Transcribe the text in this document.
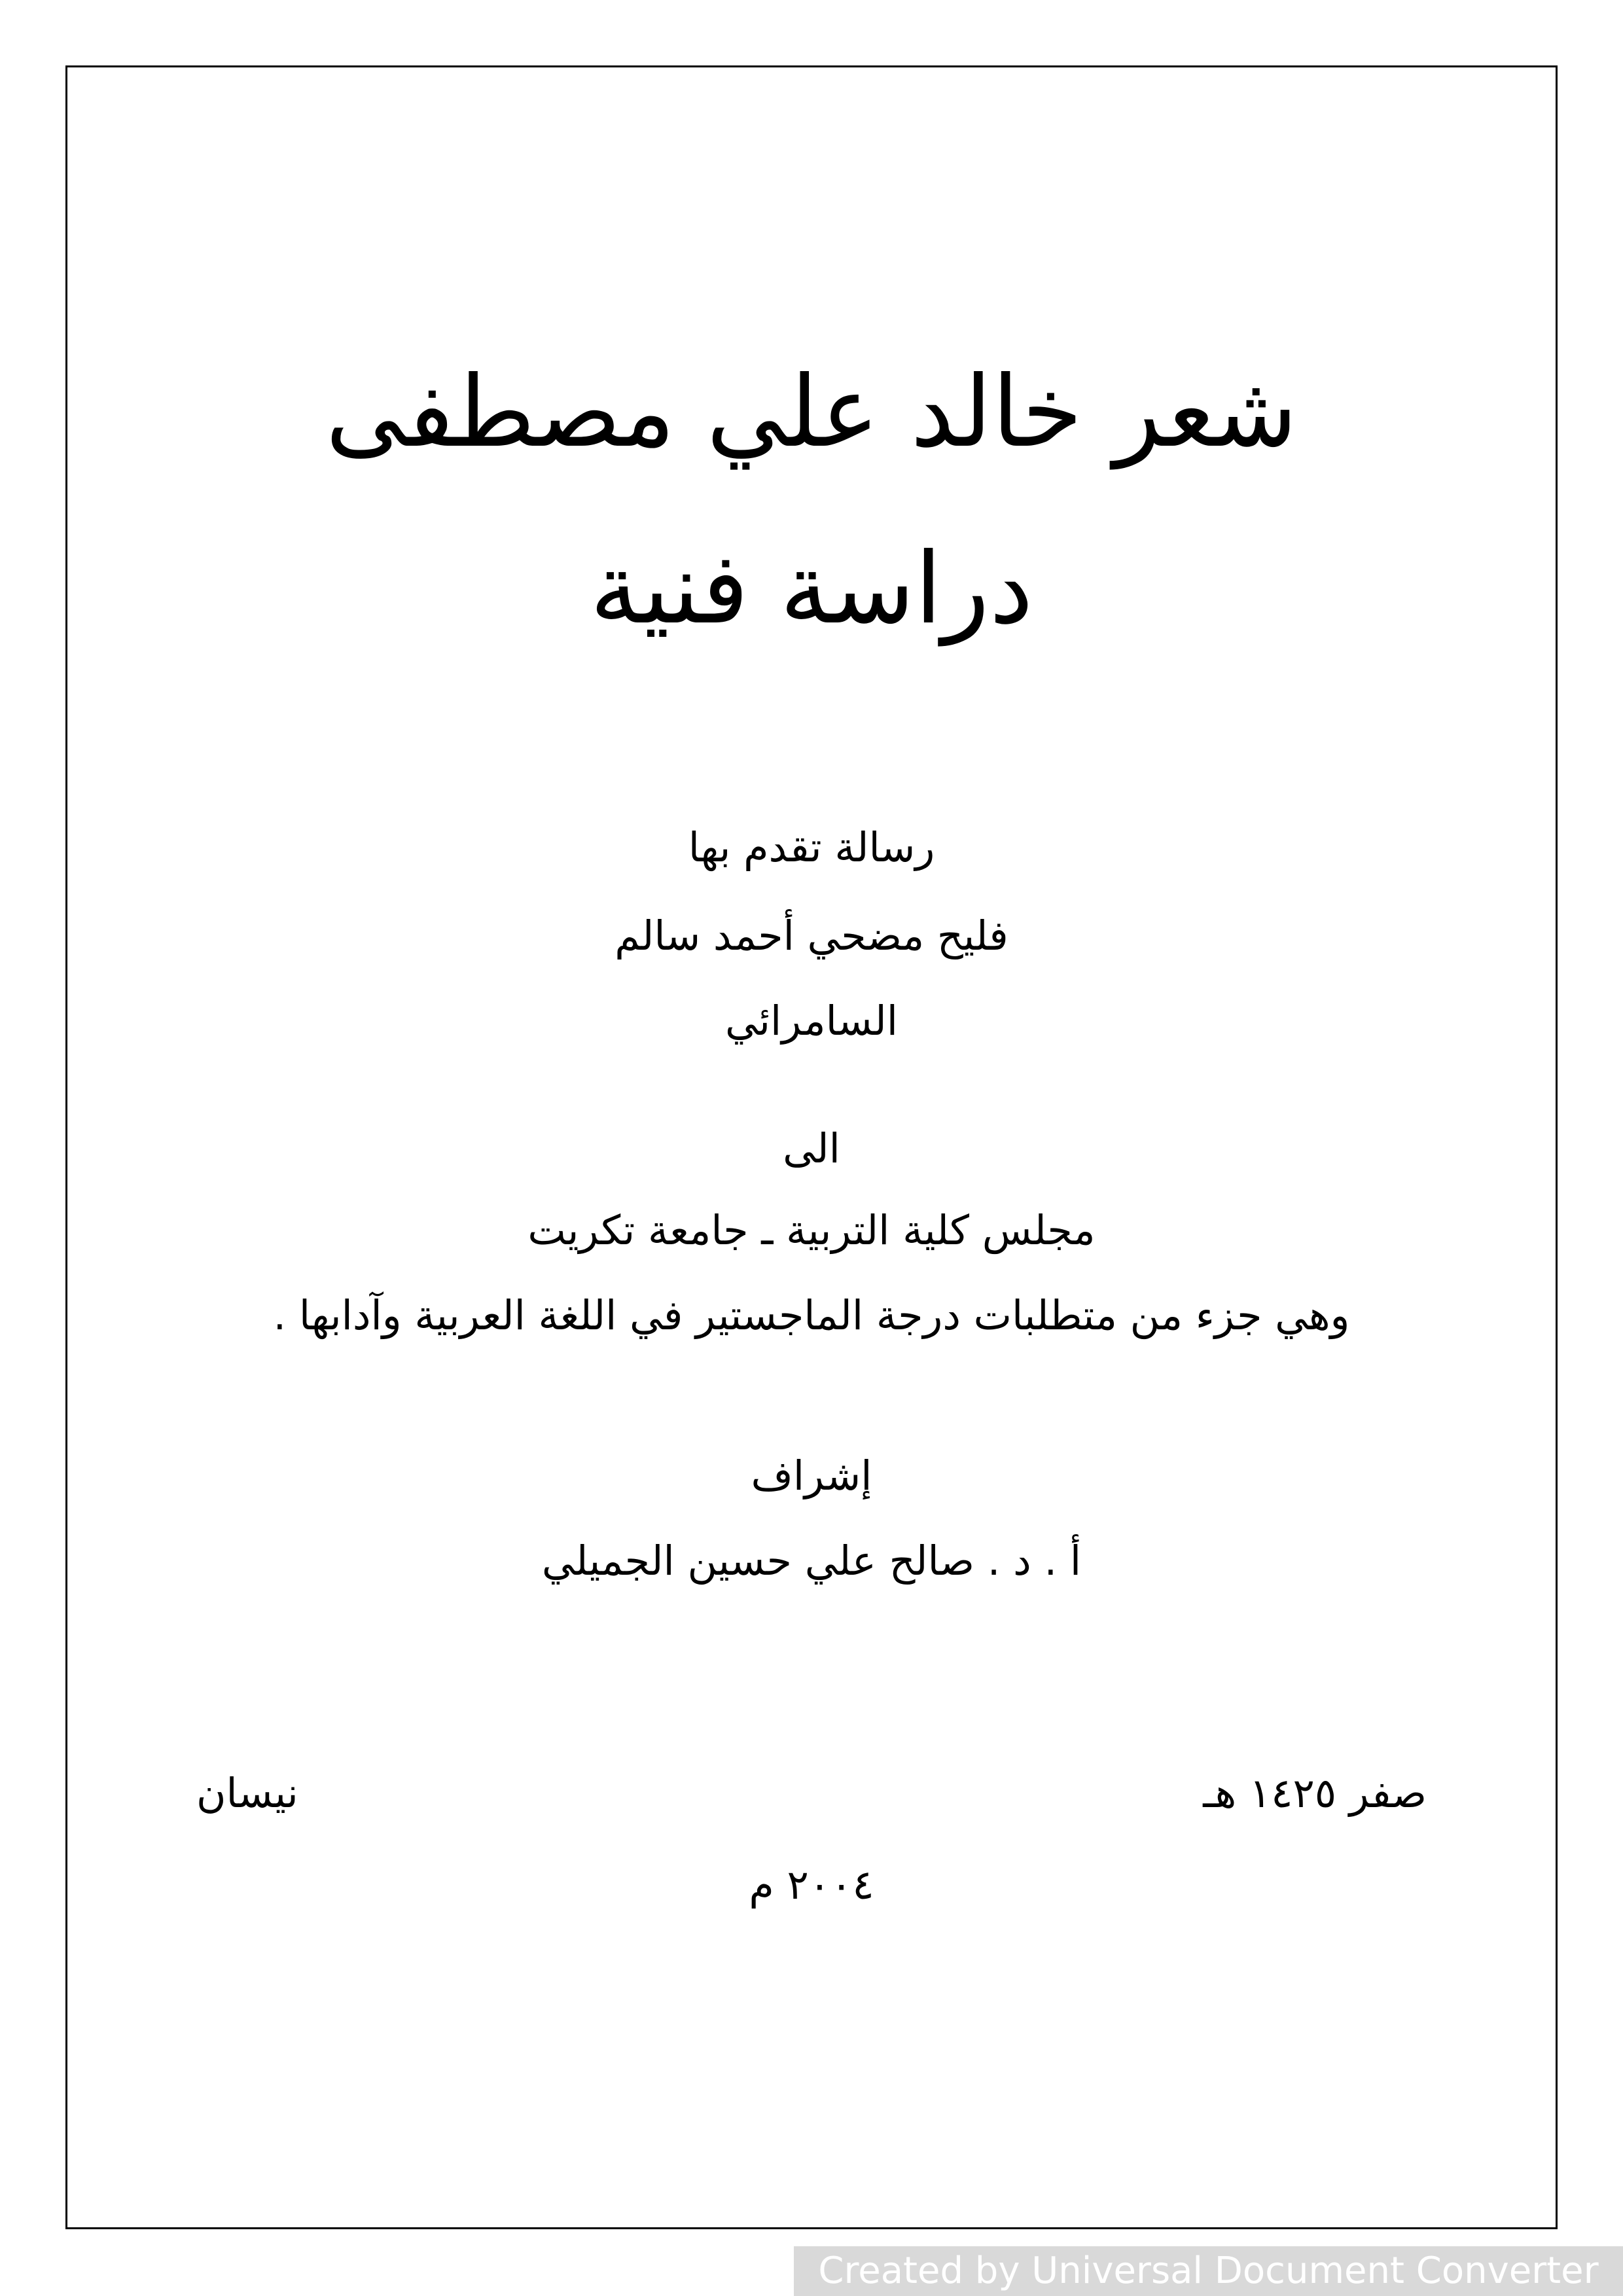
شعر خالد علي مصطفى
دراسة فنية
رسالة تقدم بها
فليح مضحي أحمد سالم
السامرائي
الى
مجلس كلية التربية ـ جامعة تكريت
وهي جزء من متطلبات درجة الماجستير في اللغة العربية وآدابها .
إشراف
أ . د . صالح علي حسين الجميلي
صفر ١٤٢٥ هـ
نيسان
٢٠٠٤ م
Created by Universal Document Converter
